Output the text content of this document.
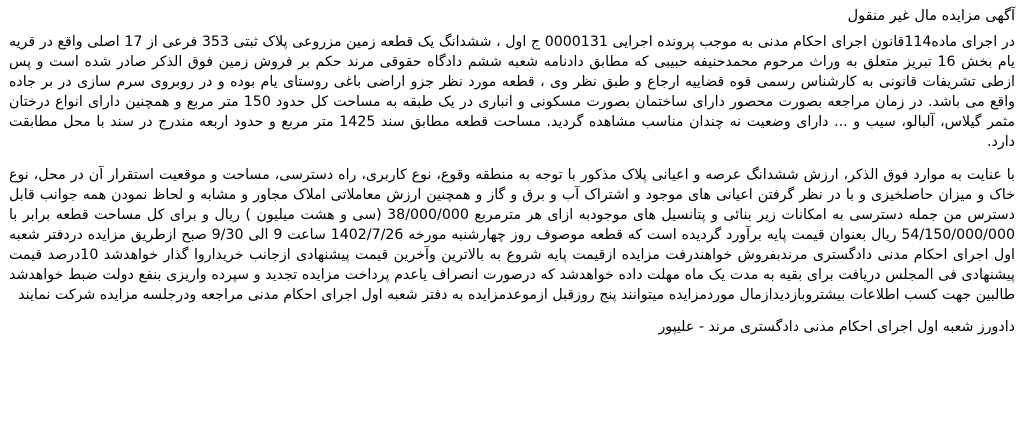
آگهی مزایده مال غیر منقول

در اجرای ماده114قانون اجرای احکام مدنی به موجب پرونده اجرایی 0000131 ج اول ، ششدانگ یک قطعه زمین مزروعی پلاک ثبتی 353 فرعی از 17 اصلی واقع در قریه یام بخش 16 تبریز متعلق به وراث مرحوم محمدحنیفه حبیبی که مطابق دادنامه شعبه ششم دادگاه حقوقی مرند حکم بر فروش زمین فوق الذکر صادر شده است و پس ازطی تشریفات قانونی به کارشناس رسمی قوه قضاییه ارجاع و طبق نظر وی ، قطعه مورد نظر جزو اراضی باغی روستای یام بوده و در روبروی سرم سازی در بر جاده واقع می باشد. در زمان مراجعه بصورت محصور دارای ساختمان بصورت مسکونی و انباری در یک طبقه به مساحت کل حدود 150 متر مربع و همچنین دارای انواع درختان مثمر گیلاس، آلبالو، سیب و ... دارای وضعیت نه چندان مناسب مشاهده گردید. مساحت قطعه مطابق سند 1425 متر مربع و حدود اربعه مندرج در سند با محل مطابقت دارد.

با عنایت به موارد فوق الذکر، ارزش ششدانگ عرصه و اعیانی پلاک مذکور با توجه به منطقه وقوع، نوع کاربری، راه دسترسی، مساحت و موقعیت استقرار آن در محل، نوع خاک و میزان حاصلخیزی و با در نظر گرفتن اعیانی های موجود و اشتراک آب و برق و گاز و همچنین ارزش معاملاتی املاک مجاور و مشابه و لحاظ نمودن همه جوانب قابل دسترس من جمله دسترسی به امکانات زیر بنائی و پتانسیل های موجودبه ازای هر مترمربع 38/000/000 (سی و هشت میلیون ) ریال و برای کل مساحت قطعه برابر با 54/150/000/000 ریال بعنوان قیمت پایه برآورد گردیده است که قطعه موصوف روز چهارشنبه مورخه 1402/7/26 ساعت 9 الی 9/30 صبح ازطریق مزایده دردفتر شعبه اول اجرای احکام مدنی دادگستری مرندبفروش خواهندرفت مزایده ازقیمت پایه شروع به بالاترین وآخرین قیمت پیشنهادی ازجانب خریداروا گذار خواهدشد 10درصد قیمت پیشنهادی فی المجلس دریافت برای بقیه به مدت یک ماه مهلت داده خواهدشد که درصورت انصراف یاعدم پرداخت مزایده تجدید و سپرده واریزی بنفع دولت ضبط خواهدشد طالبین جهت کسب اطلاعات بیشتروبازدیدازمال موردمزایده میتوانند پنج روزقبل ازموعدمزایده به دفتر شعبه اول اجرای احکام مدنی مراجعه ودرجلسه مزایده شرکت نمایند

دادورز شعبه اول اجرای احکام مدنی دادگستری مرند - علیپور
